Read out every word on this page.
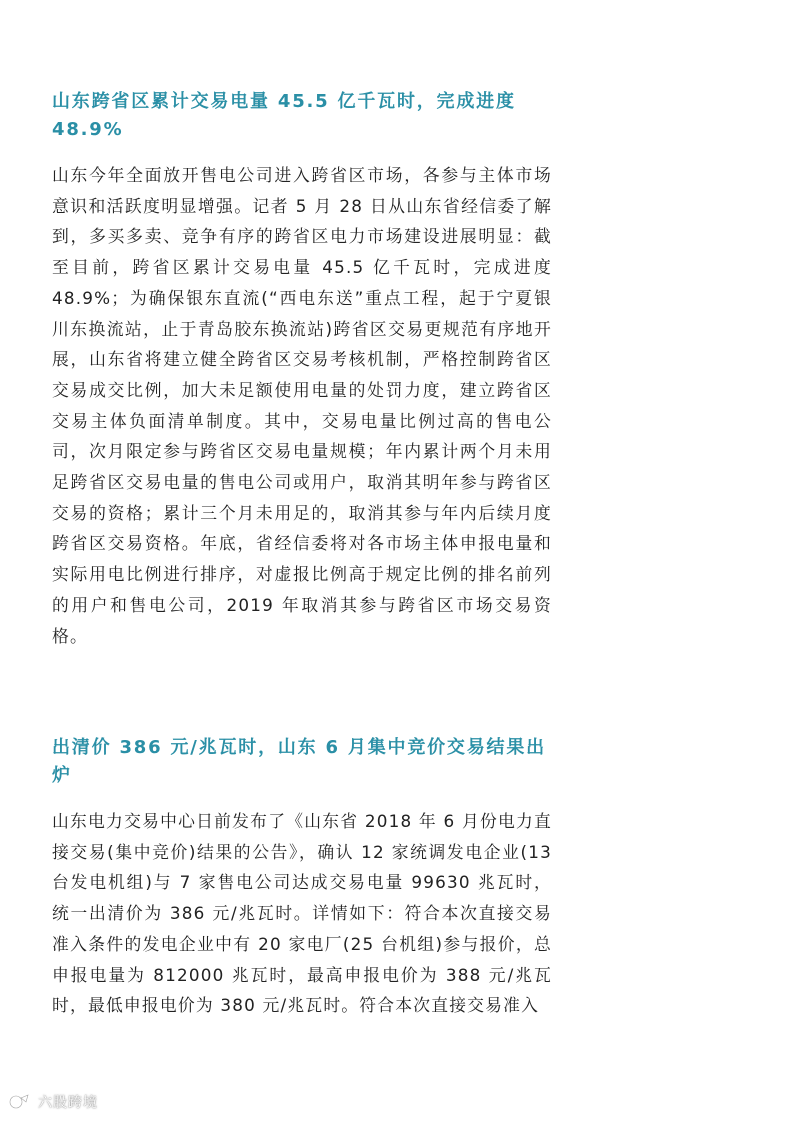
山东跨省区累计交易电量 45.5 亿千瓦时，完成进度 48.9%

山东今年全面放开售电公司进入跨省区市场，各参与主体市场意识和活跃度明显增强。记者 5 月 28 日从山东省经信委了解到，多买多卖、竞争有序的跨省区电力市场建设进展明显：截至目前，跨省区累计交易电量 45.5 亿千瓦时，完成进度 48.9%；为确保银东直流(“西电东送”重点工程，起于宁夏银川东换流站，止于青岛胶东换流站)跨省区交易更规范有序地开展，山东省将建立健全跨省区交易考核机制，严格控制跨省区交易成交比例，加大未足额使用电量的处罚力度，建立跨省区交易主体负面清单制度。其中，交易电量比例过高的售电公司，次月限定参与跨省区交易电量规模；年内累计两个月未用足跨省区交易电量的售电公司或用户，取消其明年参与跨省区交易的资格；累计三个月未用足的，取消其参与年内后续月度跨省区交易资格。年底，省经信委将对各市场主体申报电量和实际用电比例进行排序，对虚报比例高于规定比例的排名前列的用户和售电公司，2019 年取消其参与跨省区市场交易资格。

出清价 386 元/兆瓦时，山东 6 月集中竞价交易结果出炉

山东电力交易中心日前发布了《山东省 2018 年 6 月份电力直接交易(集中竞价)结果的公告》，确认 12 家统调发电企业(13 台发电机组)与 7 家售电公司达成交易电量 99630 兆瓦时，统一出清价为 386 元/兆瓦时。详情如下：符合本次直接交易准入条件的发电企业中有 20 家电厂(25 台机组)参与报价，总申报电量为 812000 兆瓦时，最高申报电价为 388 元/兆瓦时，最低申报电价为 380 元/兆瓦时。符合本次直接交易准入

六股跨境
